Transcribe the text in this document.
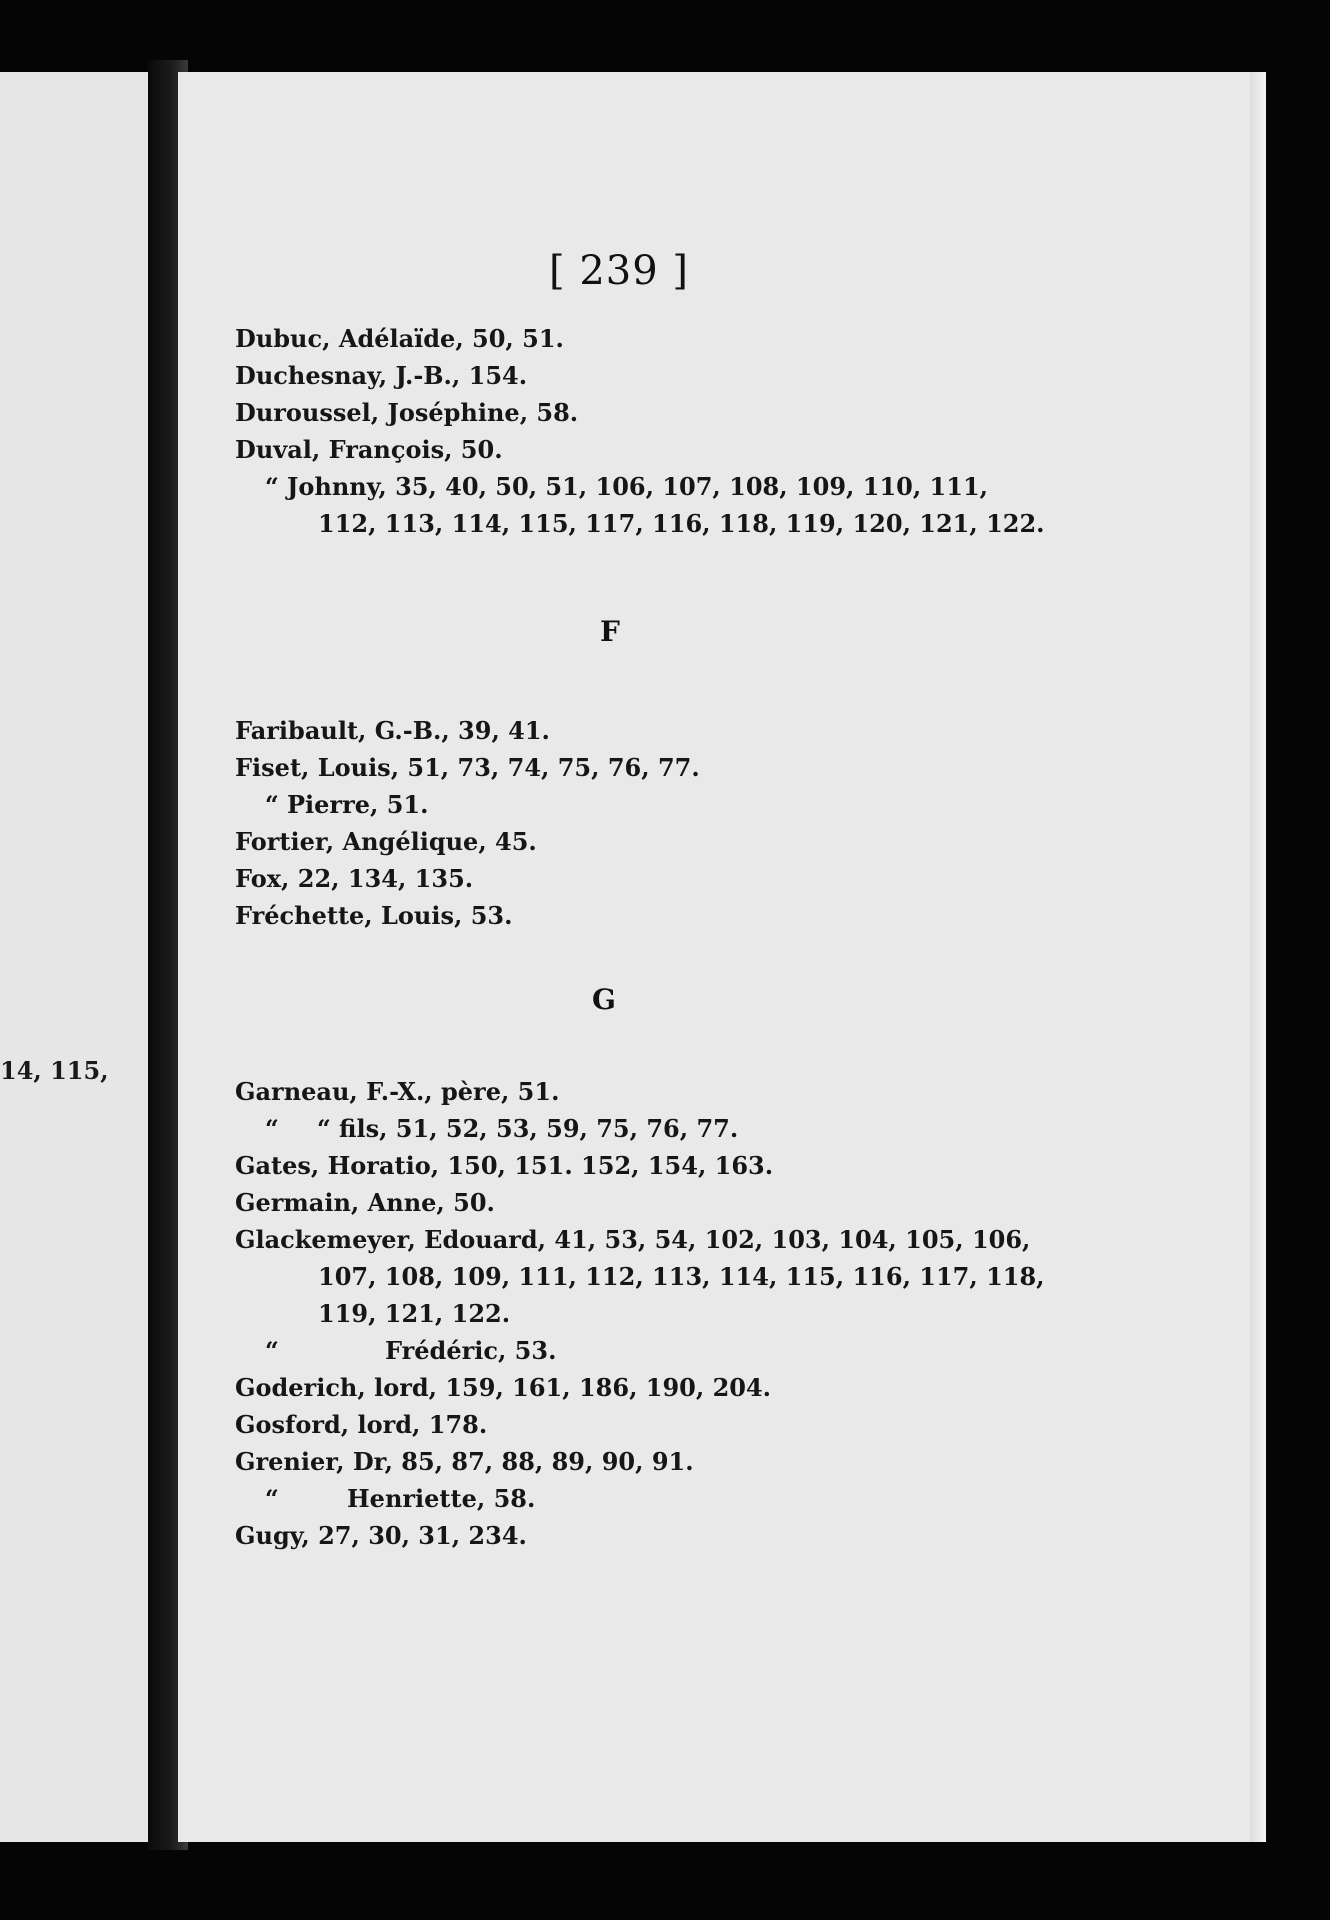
14, 115,
[ 239 ]
Dubuc, Adélaïde, 50, 51.
Duchesnay, J.-B., 154.
Duroussel, Joséphine, 58.
Duval, François, 50.
“ Johnny, 35, 40, 50, 51, 106, 107, 108, 109, 110, 111,
112, 113, 114, 115, 117, 116, 118, 119, 120, 121, 122.
F
Faribault, G.-B., 39, 41.
Fiset, Louis, 51, 73, 74, 75, 76, 77.
“ Pierre, 51.
Fortier, Angélique, 45.
Fox, 22, 134, 135.
Fréchette, Louis, 53.
G
Garneau, F.-X., père, 51.
“ “ fils, 51, 52, 53, 59, 75, 76, 77.
Gates, Horatio, 150, 151. 152, 154, 163.
Germain, Anne, 50.
Glackemeyer, Edouard, 41, 53, 54, 102, 103, 104, 105, 106,
107, 108, 109, 111, 112, 113, 114, 115, 116, 117, 118,
119, 121, 122.
“	Frédéric, 53.
Goderich, lord, 159, 161, 186, 190, 204.
Gosford, lord, 178.
Grenier, Dr, 85, 87, 88, 89, 90, 91.
“	Henriette, 58.
Gugy, 27, 30, 31, 234.
